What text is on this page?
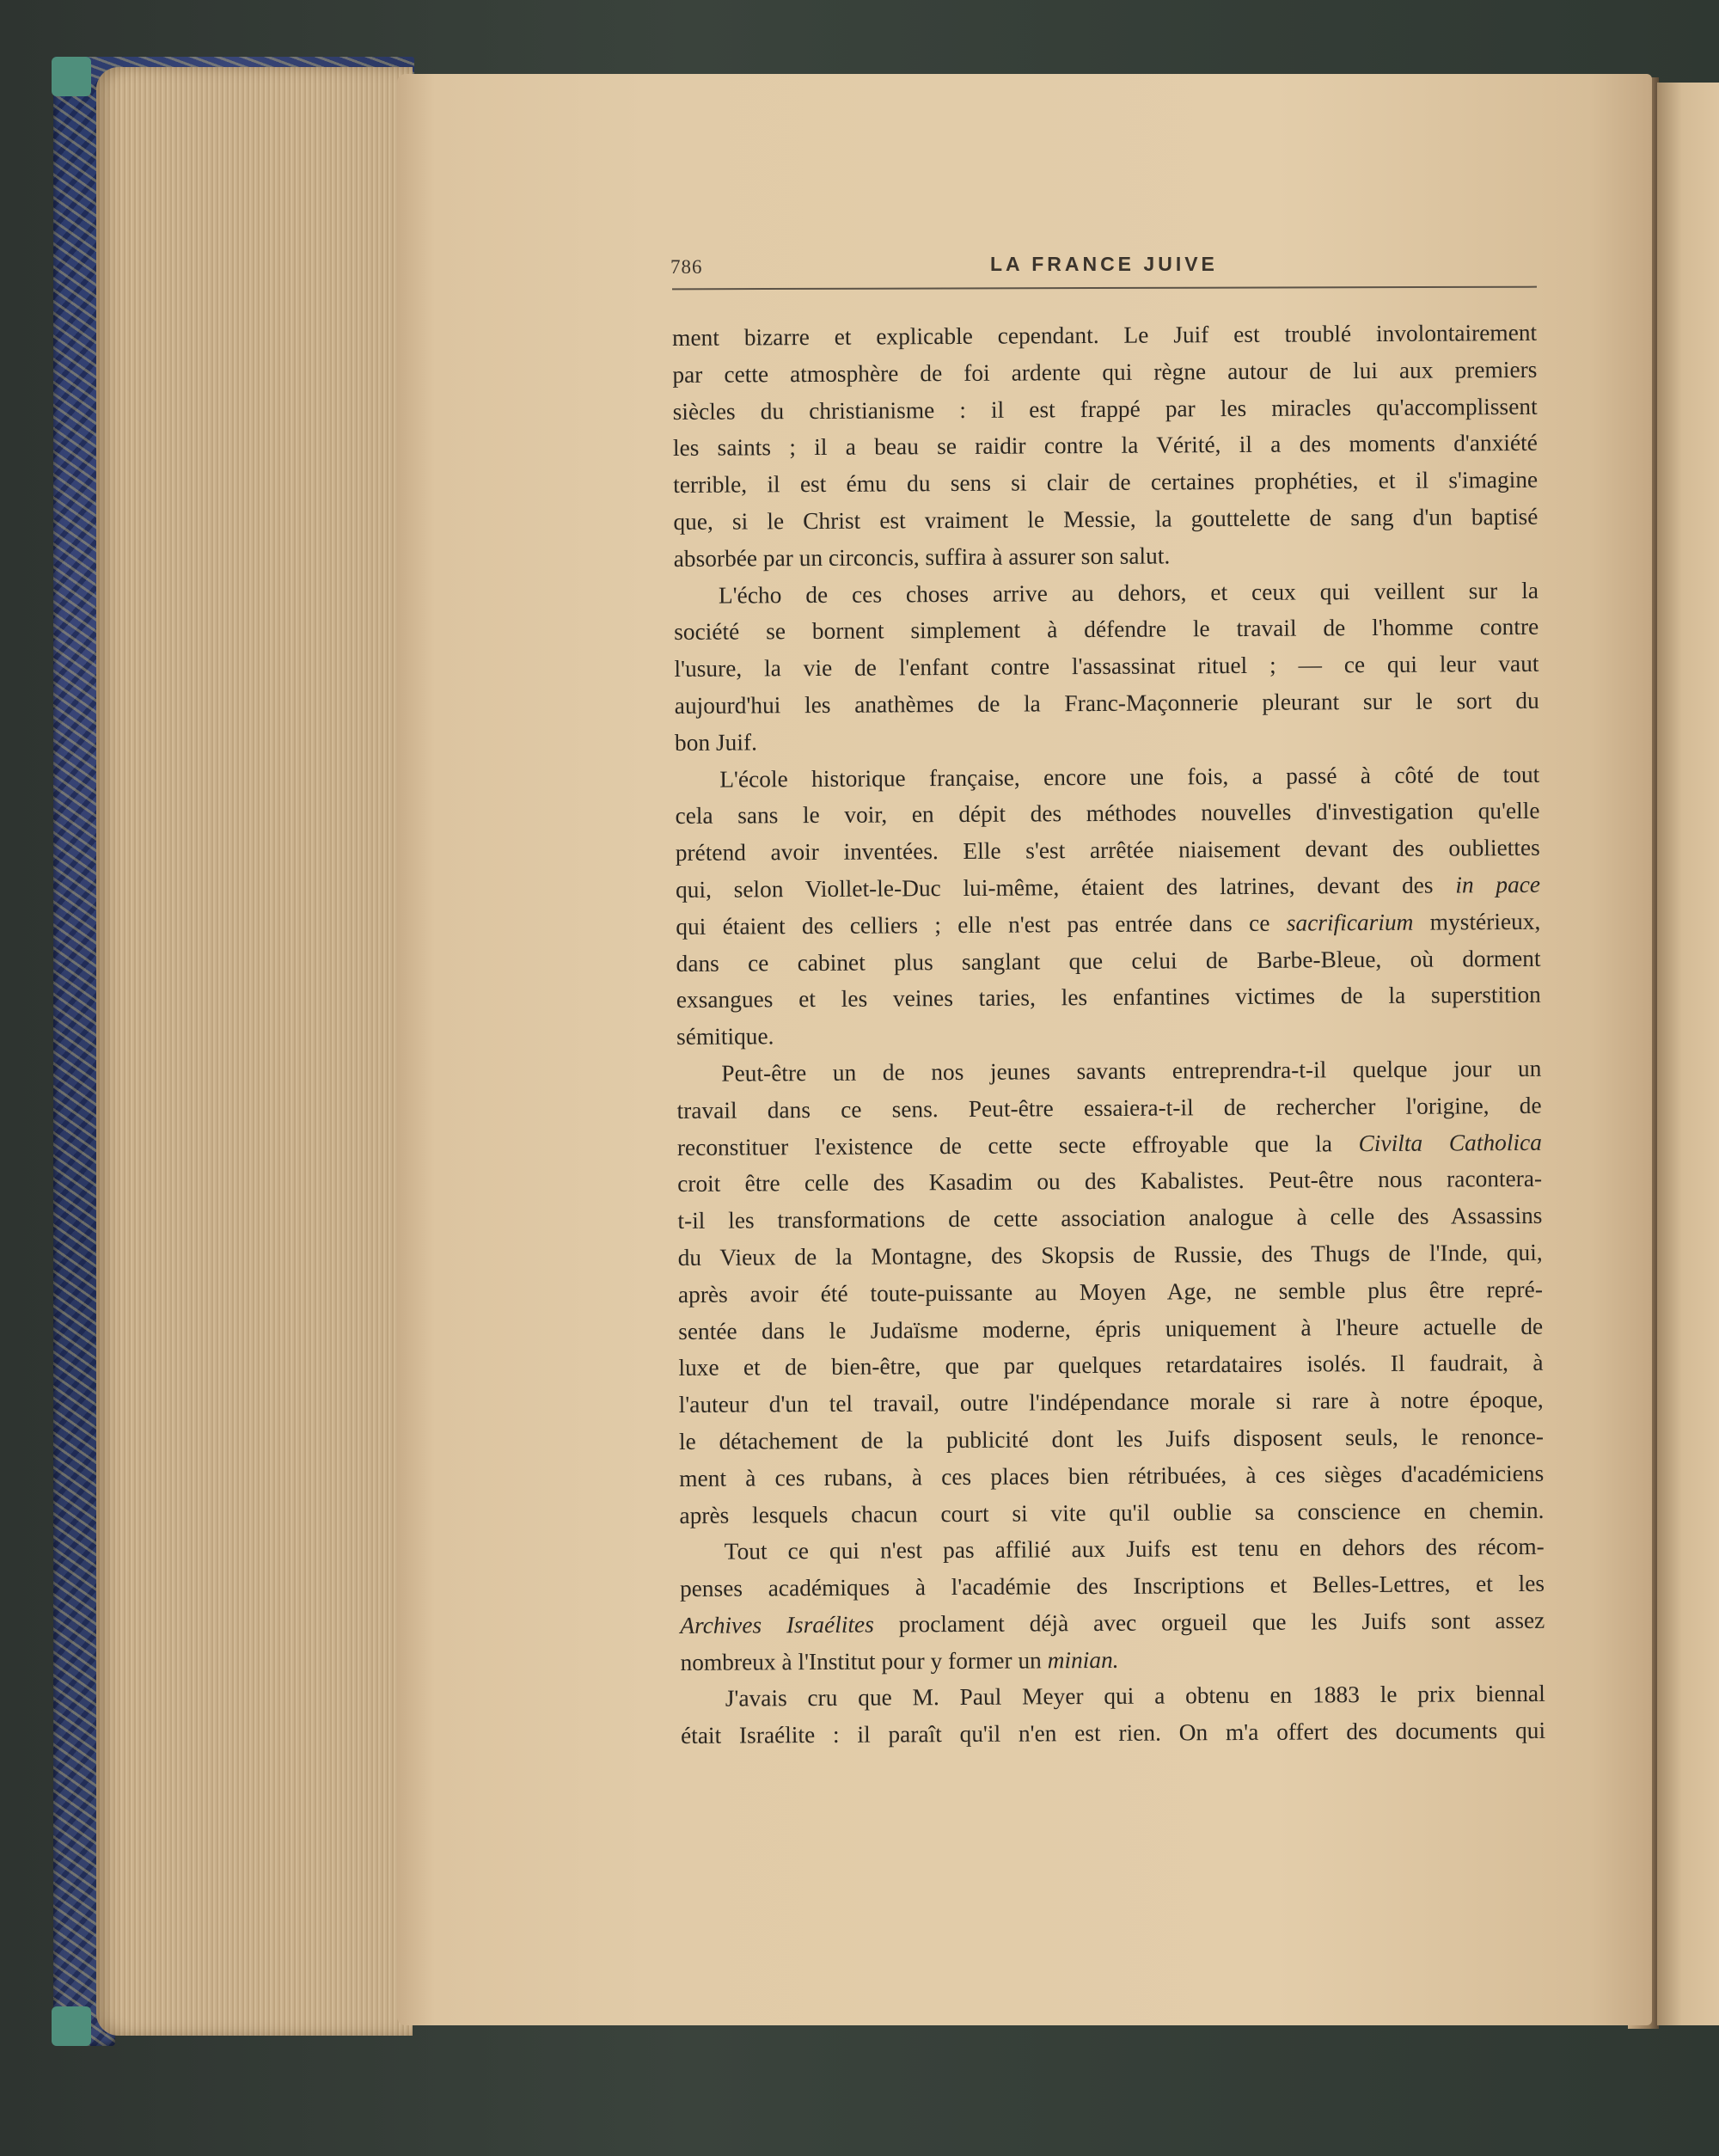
786	LA FRANCE JUIVE
ment bizarre et explicable cependant. Le Juif est troublé involontairement
par cette atmosphère de foi ardente qui règne autour de lui aux premiers
siècles du christianisme : il est frappé par les miracles qu'accomplissent
les saints ; il a beau se raidir contre la Vérité, il a des moments d'anxiété
terrible, il est ému du sens si clair de certaines prophéties, et il s'imagine
que, si le Christ est vraiment le Messie, la gouttelette de sang d'un baptisé
absorbée par un circoncis, suffira à assurer son salut.
L'écho de ces choses arrive au dehors, et ceux qui veillent sur la
société se bornent simplement à défendre le travail de l'homme contre
l'usure, la vie de l'enfant contre l'assassinat rituel ; — ce qui leur vaut
aujourd'hui les anathèmes de la Franc-Maçonnerie pleurant sur le sort du
bon Juif.
L'école historique française, encore une fois, a passé à côté de tout
cela sans le voir, en dépit des méthodes nouvelles d'investigation qu'elle
prétend avoir inventées. Elle s'est arrêtée niaisement devant des oubliettes
qui, selon Viollet-le-Duc lui-même, étaient des latrines, devant des in pace
qui étaient des celliers ; elle n'est pas entrée dans ce sacrificarium mystérieux,
dans ce cabinet plus sanglant que celui de Barbe-Bleue, où dorment
exsangues et les veines taries, les enfantines victimes de la superstition
sémitique.
Peut-être un de nos jeunes savants entreprendra-t-il quelque jour un
travail dans ce sens. Peut-être essaiera-t-il de rechercher l'origine, de
reconstituer l'existence de cette secte effroyable que la Civilta Catholica
croit être celle des Kasadim ou des Kabalistes. Peut-être nous racontera-
t-il les transformations de cette association analogue à celle des Assassins
du Vieux de la Montagne, des Skopsis de Russie, des Thugs de l'Inde, qui,
après avoir été toute-puissante au Moyen Age, ne semble plus être repré-
sentée dans le Judaïsme moderne, épris uniquement à l'heure actuelle de
luxe et de bien-être, que par quelques retardataires isolés. Il faudrait, à
l'auteur d'un tel travail, outre l'indépendance morale si rare à notre époque,
le détachement de la publicité dont les Juifs disposent seuls, le renonce-
ment à ces rubans, à ces places bien rétribuées, à ces sièges d'académiciens
après lesquels chacun court si vite qu'il oublie sa conscience en chemin.
Tout ce qui n'est pas affilié aux Juifs est tenu en dehors des récom-
penses académiques à l'académie des Inscriptions et Belles-Lettres, et les
Archives Israélites proclament déjà avec orgueil que les Juifs sont assez
nombreux à l'Institut pour y former un minian.
J'avais cru que M. Paul Meyer qui a obtenu en 1883 le prix biennal
était Israélite : il paraît qu'il n'en est rien. On m'a offert des documents qui
